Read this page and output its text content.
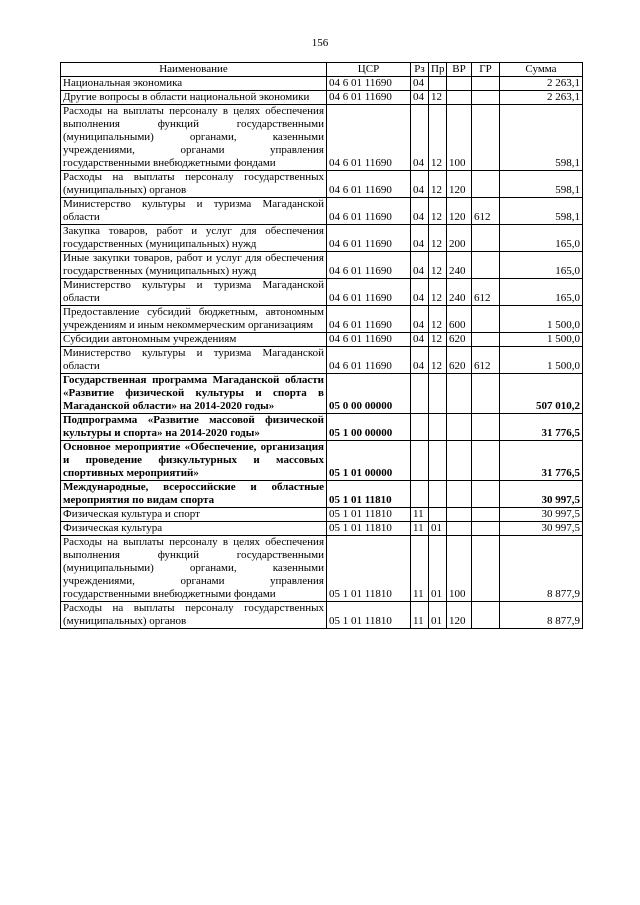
156
Наименование	ЦСР	Рз	Пр	ВР	ГР	Сумма
Национальная экономика	04 6 01 11690	04				2 263,1
Другие вопросы в области национальной экономики	04 6 01 11690	04	12			2 263,1
Расходы на выплаты персоналу в целях обеспечения выполнения функций государственными (муниципальными) органами, казенными учреждениями, органами управления государственными внебюджетными фондами	04 6 01 11690	04	12	100		598,1
Расходы на выплаты персоналу государственных (муниципальных) органов	04 6 01 11690	04	12	120		598,1
Министерство культуры и туризма Магаданской области	04 6 01 11690	04	12	120	612	598,1
Закупка товаров, работ и услуг для обеспечения государственных (муниципальных) нужд	04 6 01 11690	04	12	200		165,0
Иные закупки товаров, работ и услуг для обеспечения государственных (муниципальных) нужд	04 6 01 11690	04	12	240		165,0
Министерство культуры и туризма Магаданской области	04 6 01 11690	04	12	240	612	165,0
Предоставление субсидий бюджетным, автономным учреждениям и иным некоммерческим организациям	04 6 01 11690	04	12	600		1 500,0
Субсидии автономным учреждениям	04 6 01 11690	04	12	620		1 500,0
Министерство культуры и туризма Магаданской области	04 6 01 11690	04	12	620	612	1 500,0
Государственная программа Магаданской области «Развитие физической культуры и спорта в Магаданской области» на 2014-2020 годы»	05 0 00 00000					507 010,2
Подпрограмма «Развитие массовой физической культуры и спорта» на 2014-2020 годы»	05 1 00 00000					31 776,5
Основное мероприятие «Обеспечение, организация и проведение физкультурных и массовых спортивных мероприятий»	05 1 01 00000					31 776,5
Международные, всероссийские и областные мероприятия по видам спорта	05 1 01 11810					30 997,5
Физическая культура и спорт	05 1 01 11810	11				30 997,5
Физическая культура	05 1 01 11810	11	01			30 997,5
Расходы на выплаты персоналу в целях обеспечения выполнения функций государственными (муниципальными) органами, казенными учреждениями, органами управления государственными внебюджетными фондами	05 1 01 11810	11	01	100		8 877,9
Расходы на выплаты персоналу государственных (муниципальных) органов	05 1 01 11810	11	01	120		8 877,9
